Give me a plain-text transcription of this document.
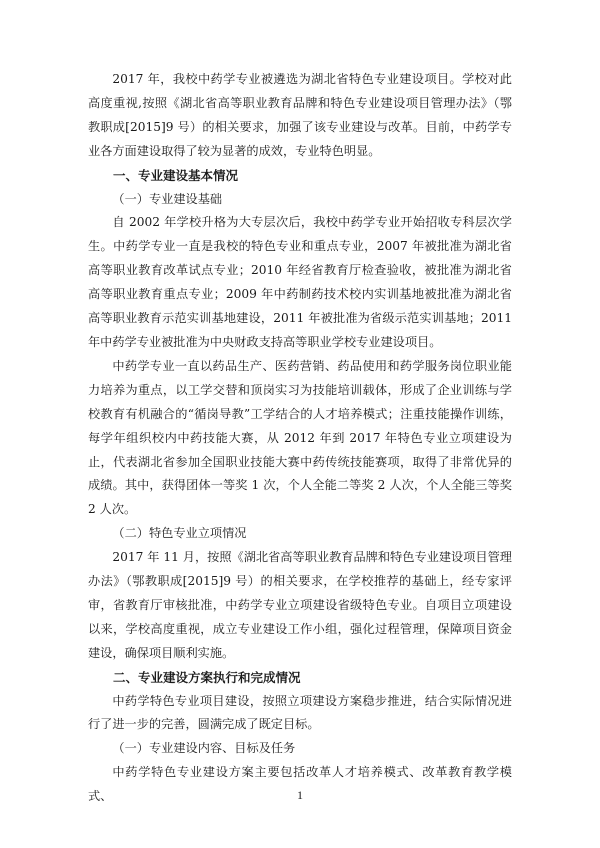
2017 年，我校中药学专业被遴选为湖北省特色专业建设项目。学校对此高度重视,按照《湖北省高等职业教育品牌和特色专业建设项目管理办法》（鄂教职成[2015]9 号）的相关要求，加强了该专业建设与改革。目前，中药学专业各方面建设取得了较为显著的成效，专业特色明显。

一、专业建设基本情况

（一）专业建设基础

自 2002 年学校升格为大专层次后，我校中药学专业开始招收专科层次学生。中药学专业一直是我校的特色专业和重点专业，2007 年被批准为湖北省高等职业教育改革试点专业；2010 年经省教育厅检查验收，被批准为湖北省高等职业教育重点专业；2009 年中药制药技术校内实训基地被批准为湖北省高等职业教育示范实训基地建设，2011 年被批准为省级示范实训基地；2011 年中药学专业被批准为中央财政支持高等职业学校专业建设项目。

中药学专业一直以药品生产、医药营销、药品使用和药学服务岗位职业能力培养为重点，以工学交替和顶岗实习为技能培训载体，形成了企业训练与学校教育有机融合的“循岗导教”工学结合的人才培养模式；注重技能操作训练，每学年组织校内中药技能大赛，从 2012 年到 2017 年特色专业立项建设为止，代表湖北省参加全国职业技能大赛中药传统技能赛项，取得了非常优异的成绩。其中，获得团体一等奖 1 次，个人全能二等奖 2 人次，个人全能三等奖 2 人次。

（二）特色专业立项情况

2017 年 11 月，按照《湖北省高等职业教育品牌和特色专业建设项目管理办法》（鄂教职成[2015]9 号）的相关要求，在学校推荐的基础上，经专家评审，省教育厅审核批准，中药学专业立项建设省级特色专业。自项目立项建设以来，学校高度重视，成立专业建设工作小组，强化过程管理，保障项目资金建设，确保项目顺利实施。

二、专业建设方案执行和完成情况

中药学特色专业项目建设，按照立项建设方案稳步推进，结合实际情况进行了进一步的完善，圆满完成了既定目标。

（一）专业建设内容、目标及任务

中药学特色专业建设方案主要包括改革人才培养模式、改革教育教学模式、	1
